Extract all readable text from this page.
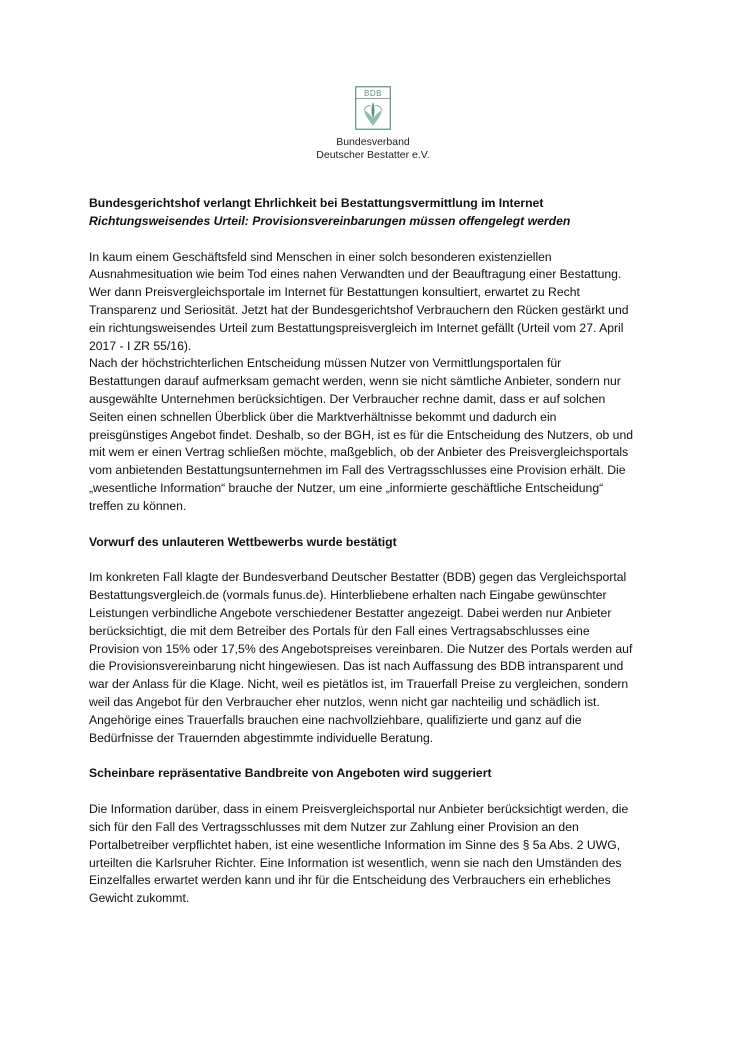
BDB
Bundesverband
Deutscher Bestatter e.V.

Bundesgerichtshof verlangt Ehrlichkeit bei Bestattungsvermittlung im Internet

Richtungsweisendes Urteil: Provisionsvereinbarungen müssen offengelegt werden

In kaum einem Geschäftsfeld sind Menschen in einer solch besonderen existenziellen
Ausnahmesituation wie beim Tod eines nahen Verwandten und der Beauftragung einer Bestattung.
Wer dann Preisvergleichsportale im Internet für Bestattungen konsultiert, erwartet zu Recht
Transparenz und Seriosität. Jetzt hat der Bundesgerichtshof Verbrauchern den Rücken gestärkt und
ein richtungsweisendes Urteil zum Bestattungspreisvergleich im Internet gefällt (Urteil vom 27. April
2017 - I ZR 55/16).

Nach der höchstrichterlichen Entscheidung müssen Nutzer von Vermittlungsportalen für
Bestattungen darauf aufmerksam gemacht werden, wenn sie nicht sämtliche Anbieter, sondern nur
ausgewählte Unternehmen berücksichtigen. Der Verbraucher rechne damit, dass er auf solchen
Seiten einen schnellen Überblick über die Marktverhältnisse bekommt und dadurch ein
preisgünstiges Angebot findet. Deshalb, so der BGH, ist es für die Entscheidung des Nutzers, ob und
mit wem er einen Vertrag schließen möchte, maßgeblich, ob der Anbieter des Preisvergleichsportals
vom anbietenden Bestattungsunternehmen im Fall des Vertragsschlusses eine Provision erhält. Die
„wesentliche Information“ brauche der Nutzer, um eine „informierte geschäftliche Entscheidung“
treffen zu können.

Vorwurf des unlauteren Wettbewerbs wurde bestätigt

Im konkreten Fall klagte der Bundesverband Deutscher Bestatter (BDB) gegen das Vergleichsportal
Bestattungsvergleich.de (vormals funus.de). Hinterbliebene erhalten nach Eingabe gewünschter
Leistungen verbindliche Angebote verschiedener Bestatter angezeigt. Dabei werden nur Anbieter
berücksichtigt, die mit dem Betreiber des Portals für den Fall eines Vertragsabschlusses eine
Provision von 15% oder 17,5% des Angebotspreises vereinbaren. Die Nutzer des Portals werden auf
die Provisionsvereinbarung nicht hingewiesen. Das ist nach Auffassung des BDB intransparent und
war der Anlass für die Klage. Nicht, weil es pietätlos ist, im Trauerfall Preise zu vergleichen, sondern
weil das Angebot für den Verbraucher eher nutzlos, wenn nicht gar nachteilig und schädlich ist.
Angehörige eines Trauerfalls brauchen eine nachvollziehbare, qualifizierte und ganz auf die
Bedürfnisse der Trauernden abgestimmte individuelle Beratung.

Scheinbare repräsentative Bandbreite von Angeboten wird suggeriert

Die Information darüber, dass in einem Preisvergleichsportal nur Anbieter berücksichtigt werden, die
sich für den Fall des Vertragsschlusses mit dem Nutzer zur Zahlung einer Provision an den
Portalbetreiber verpflichtet haben, ist eine wesentliche Information im Sinne des § 5a Abs. 2 UWG,
urteilten die Karlsruher Richter. Eine Information ist wesentlich, wenn sie nach den Umständen des
Einzelfalles erwartet werden kann und ihr für die Entscheidung des Verbrauchers ein erhebliches
Gewicht zukommt.
